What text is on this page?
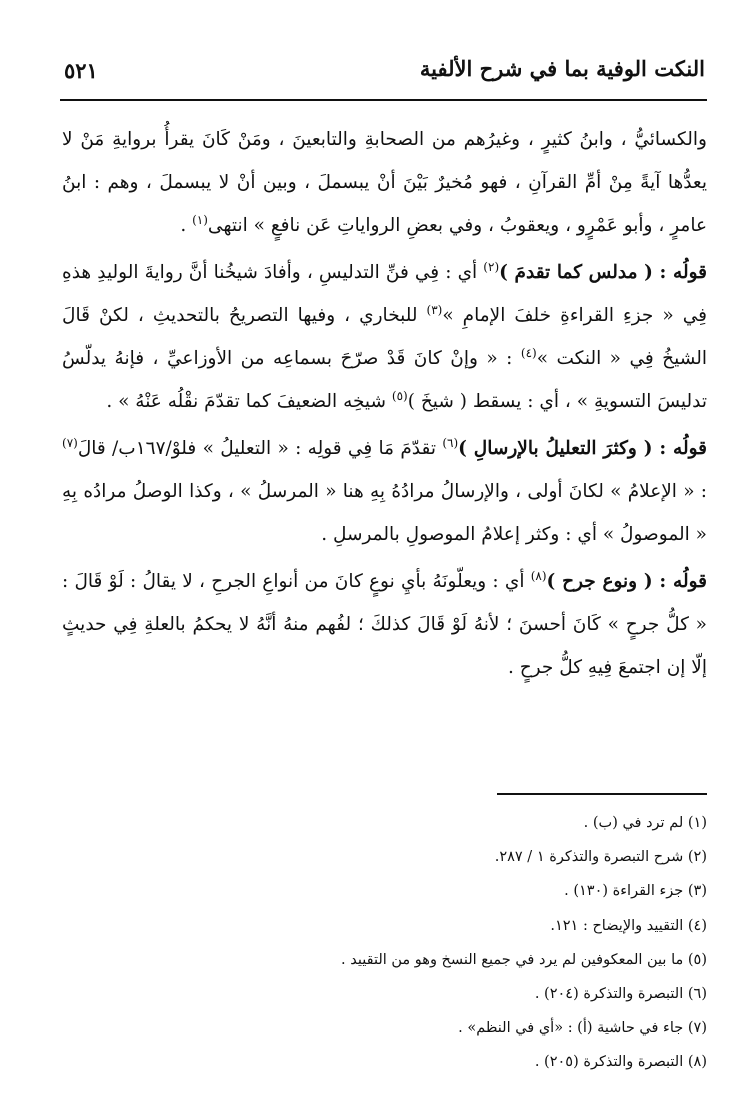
النكت الوفية بما في شرح الألفية
٥٢١

والكسائيُّ ، وابنُ كثيرٍ ، وغيرُهم من الصحابةِ والتابعينَ ، ومَنْ كَانَ يقرأُ بروايةِ مَنْ لا يعدُّها آيةً مِنْ أمِّ القرآنِ ، فهو مُخيرٌ بَيْنَ أنْ يبسملَ ، وبين أنْ لا يبسملَ ، وهم : ابنُ عامرٍ ، وأبو عَمْرٍو ، ويعقوبُ ، وفي بعضِ الرواياتِ عَن نافعٍ » انتهى$^{(١)}$ .

قولُه : ( مدلس كما تقدمَ )$^{(٢)}$ أي : فِي فنِّ التدليسِ ، وأفادَ شيخُنا أنَّ روايةَ الوليدِ هذهِ فِي « جزءِ القراءةِ خلفَ الإمامِ »$^{(٣)}$ للبخاري ، وفيها التصريحُ بالتحديثِ ، لكنْ قَالَ الشيخُ فِي « النكت »$^{(٤)}$ : « وإنْ كانَ قَدْ صرّحَ بسماعِه من الأوزاعيِّ ، فإنهُ يدلّسُ تدليسَ التسويةِ » ، أي : يسقط ( شيخَ )$^{(٥)}$ شيخِه الضعيفَ كما تقدّمَ نقْلُه عَنْهُ » .

قولُه : ( وكثرَ التعليلُ بالإرسالِ )$^{(٦)}$ تقدّمَ مَا فِي قولِه : « التعليلُ » فلوْ/١٦٧ب/ قالَ$^{(٧)}$ : « الإعلامُ » لكانَ أولى ، والإرسالُ مرادُهُ بِهِ هنا « المرسلُ » ، وكذا الوصلُ مرادُه بِهِ « الموصولُ » أي : وكثر إعلامُ الموصولِ بالمرسلِ .

قولُه : ( ونوع جرح )$^{(٨)}$ أي : ويعلّونَهُ بأيِ نوعٍ كانَ من أنواعِ الجرحِ ، لا يقالُ : لَوْ قَالَ : « كلُّ جرحٍ » كَانَ أحسنَ ؛ لأنهُ لَوْ قَالَ كذلكَ ؛ لفُهم منهُ أنَّهُ لا يحكمُ بالعلةِ فِي حديثٍ إلّا إن اجتمعَ فِيهِ كلُّ جرحٍ .

(١) لم ترد في (ب) .

(٢) شرح التبصرة والتذكرة ١ / ٢٨٧.

(٣) جزء القراءة (١٣٠) .

(٤) التقييد والإيضاح : ١٢١.

(٥) ما بين المعكوفين لم يرد في جميع النسخ وهو من التقييد .

(٦) التبصرة والتذكرة (٢٠٤) .

(٧) جاء في حاشية (أ) : «أي في النظم» .

(٨) التبصرة والتذكرة (٢٠٥) .
